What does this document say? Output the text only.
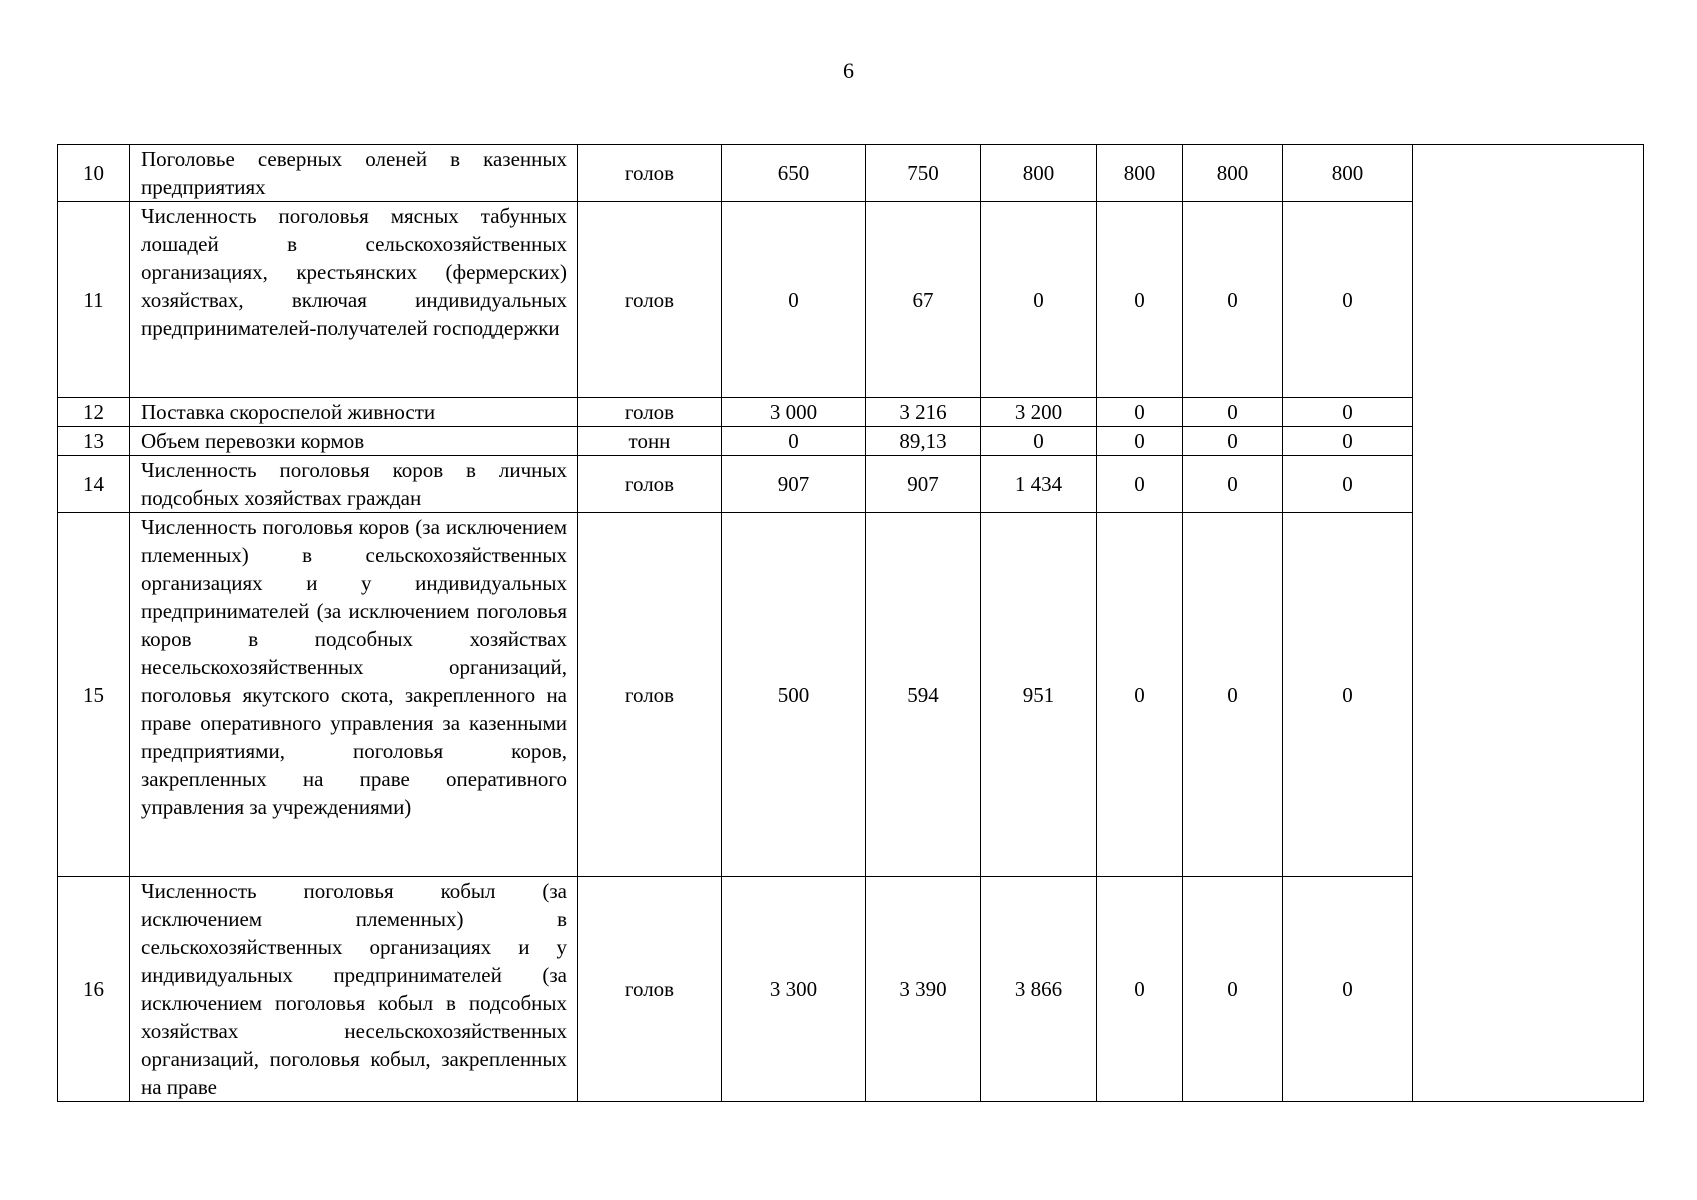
6
10	Поголовье северных оленей в казенных предприятиях	голов	650	750	800	800	800	800	
11	Численность поголовья мясных табунных лошадей в сельскохозяйственных организациях, крестьянских (фермерских) хозяйствах, включая индивидуальных предпринимателей-получателей господдержки	голов	0	67	0	0	0	0	
12	Поставка скороспелой живности	голов	3 000	3 216	3 200	0	0	0	
13	Объем перевозки кормов	тонн	0	89,13	0	0	0	0	
14	Численность поголовья коров в личных подсобных хозяйствах граждан	голов	907	907	1 434	0	0	0	
15	Численность поголовья коров (за исключением племенных) в сельскохозяйственных организациях и у индивидуальных предпринимателей (за исключением поголовья коров в подсобных хозяйствах несельскохозяйственных организаций, поголовья якутского скота, закрепленного на праве оперативного управления за казенными предприятиями, поголовья коров, закрепленных на праве оперативного управления за учреждениями)	голов	500	594	951	0	0	0	
16	Численность поголовья кобыл (за исключением племенных) в сельскохозяйственных организациях и у индивидуальных предпринимателей (за исключением поголовья кобыл в подсобных хозяйствах несельскохозяйственных организаций, поголовья кобыл, закрепленных на праве	голов	3 300	3 390	3 866	0	0	0	
